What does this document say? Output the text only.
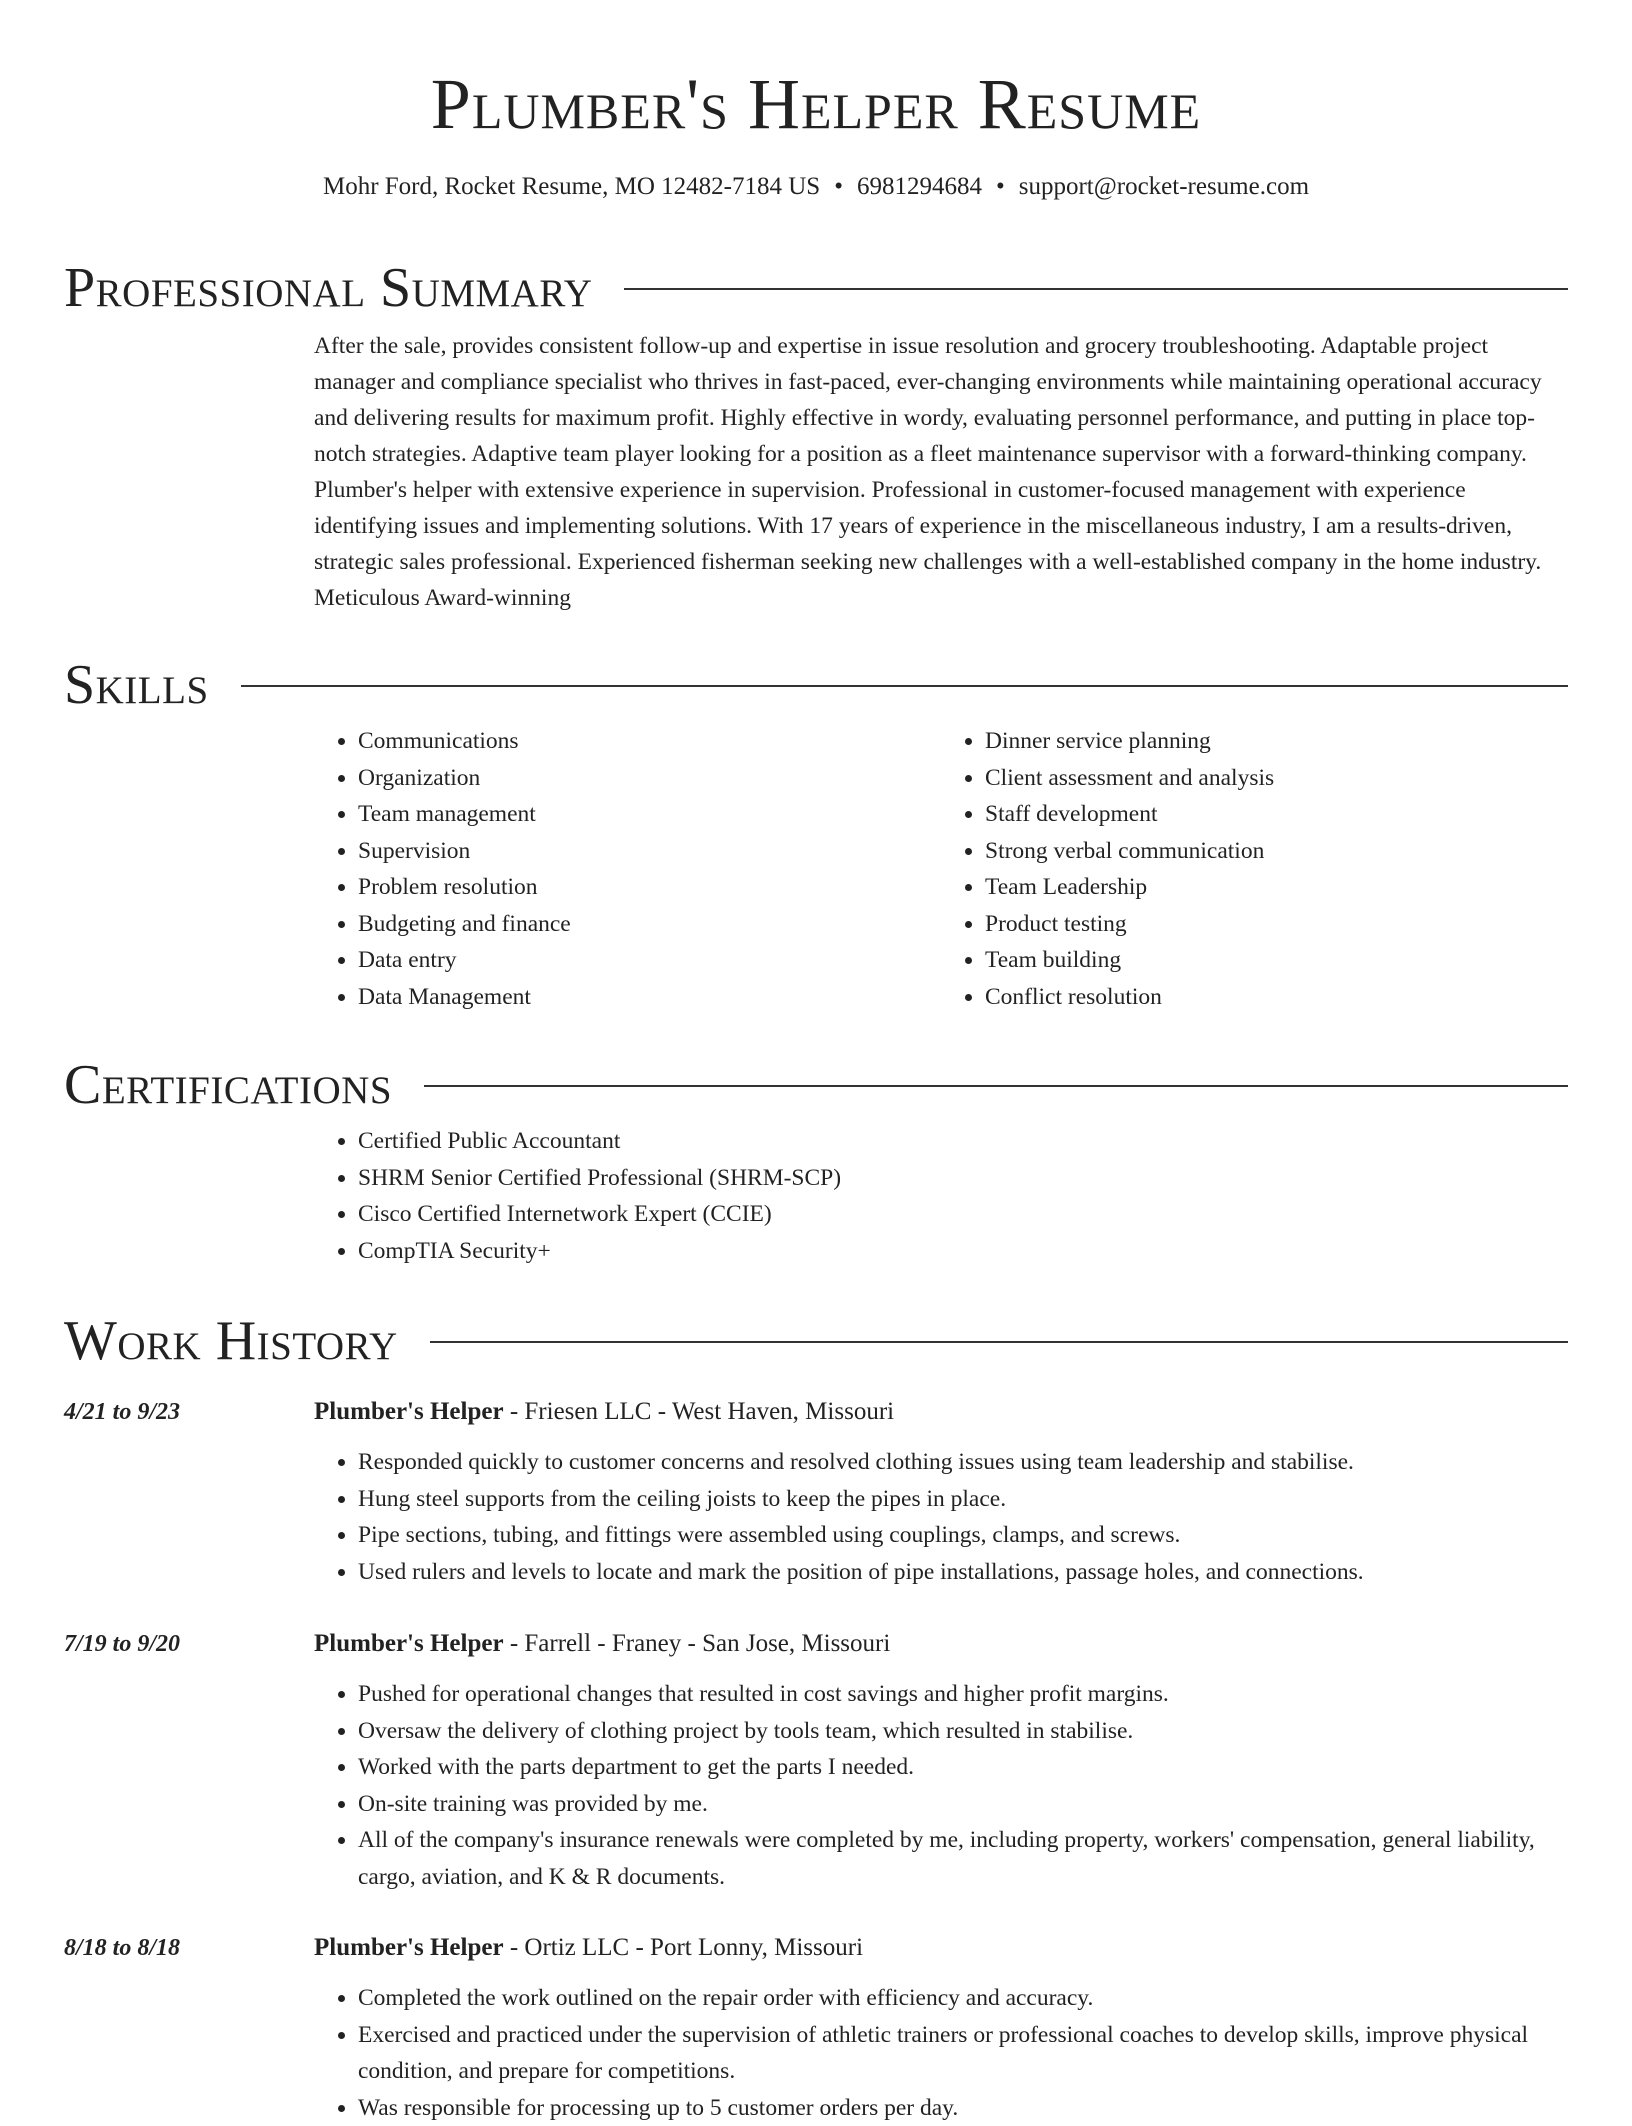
Plumber's Helper Resume
Mohr Ford, Rocket Resume, MO 12482-7184 US • 6981294684 • support@rocket-resume.com
Professional Summary
After the sale, provides consistent follow-up and expertise in issue resolution and grocery troubleshooting. Adaptable project manager and compliance specialist who thrives in fast-paced, ever-changing environments while maintaining operational accuracy and delivering results for maximum profit. Highly effective in wordy, evaluating personnel performance, and putting in place top-notch strategies. Adaptive team player looking for a position as a fleet maintenance supervisor with a forward-thinking company. Plumber's helper with extensive experience in supervision. Professional in customer-focused management with experience identifying issues and implementing solutions. With 17 years of experience in the miscellaneous industry, I am a results-driven, strategic sales professional. Experienced fisherman seeking new challenges with a well-established company in the home industry. Meticulous Award-winning
Skills
• Communications
• Organization
• Team management
• Supervision
• Problem resolution
• Budgeting and finance
• Data entry
• Data Management
• Dinner service planning
• Client assessment and analysis
• Staff development
• Strong verbal communication
• Team Leadership
• Product testing
• Team building
• Conflict resolution
Certifications
• Certified Public Accountant
• SHRM Senior Certified Professional (SHRM-SCP)
• Cisco Certified Internetwork Expert (CCIE)
• CompTIA Security+
Work History
4/21 to 9/23	Plumber's Helper - Friesen LLC - West Haven, Missouri
• Responded quickly to customer concerns and resolved clothing issues using team leadership and stabilise.
• Hung steel supports from the ceiling joists to keep the pipes in place.
• Pipe sections, tubing, and fittings were assembled using couplings, clamps, and screws.
• Used rulers and levels to locate and mark the position of pipe installations, passage holes, and connections.
7/19 to 9/20	Plumber's Helper - Farrell - Franey - San Jose, Missouri
• Pushed for operational changes that resulted in cost savings and higher profit margins.
• Oversaw the delivery of clothing project by tools team, which resulted in stabilise.
• Worked with the parts department to get the parts I needed.
• On-site training was provided by me.
• All of the company's insurance renewals were completed by me, including property, workers' compensation, general liability, cargo, aviation, and K & R documents.
8/18 to 8/18	Plumber's Helper - Ortiz LLC - Port Lonny, Missouri
• Completed the work outlined on the repair order with efficiency and accuracy.
• Exercised and practiced under the supervision of athletic trainers or professional coaches to develop skills, improve physical condition, and prepare for competitions.
• Was responsible for processing up to 5 customer orders per day.
